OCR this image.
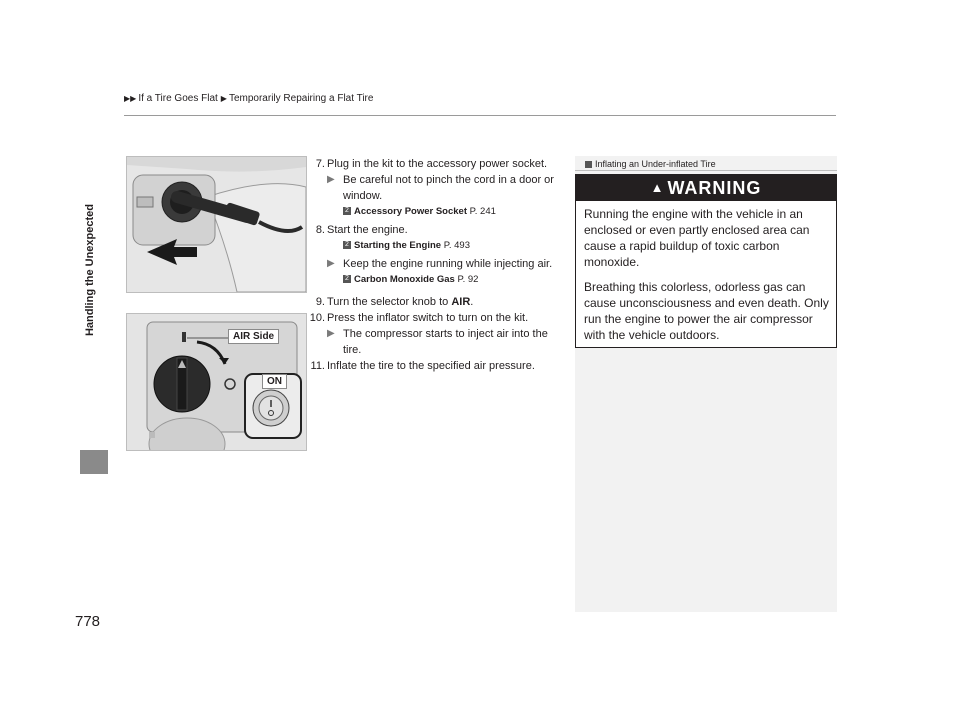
▶▶ If a Tire Goes Flat ▶ Temporarily Repairing a Flat Tire
Handling the Unexpected
778
AIR Side
ON

7. Plug in the kit to the accessory power socket.

▶ Be careful not to pinch the cord in a door or window.

2 Accessory Power Socket P. 241

8. Start the engine.

2 Starting the Engine P. 493

▶ Keep the engine running while injecting air.

2 Carbon Monoxide Gas P. 92

9. Turn the selector knob to AIR.

10. Press the inflator switch to turn on the kit.

▶ The compressor starts to inject air into the tire.

11. Inflate the tire to the specified air pressure.

Inflating an Under-inflated Tire
▲ WARNING

Running the engine with the vehicle in an enclosed or even partly enclosed area can cause a rapid buildup of toxic carbon monoxide.

Breathing this colorless, odorless gas can cause unconsciousness and even death. Only run the engine to power the air compressor with the vehicle outdoors.
